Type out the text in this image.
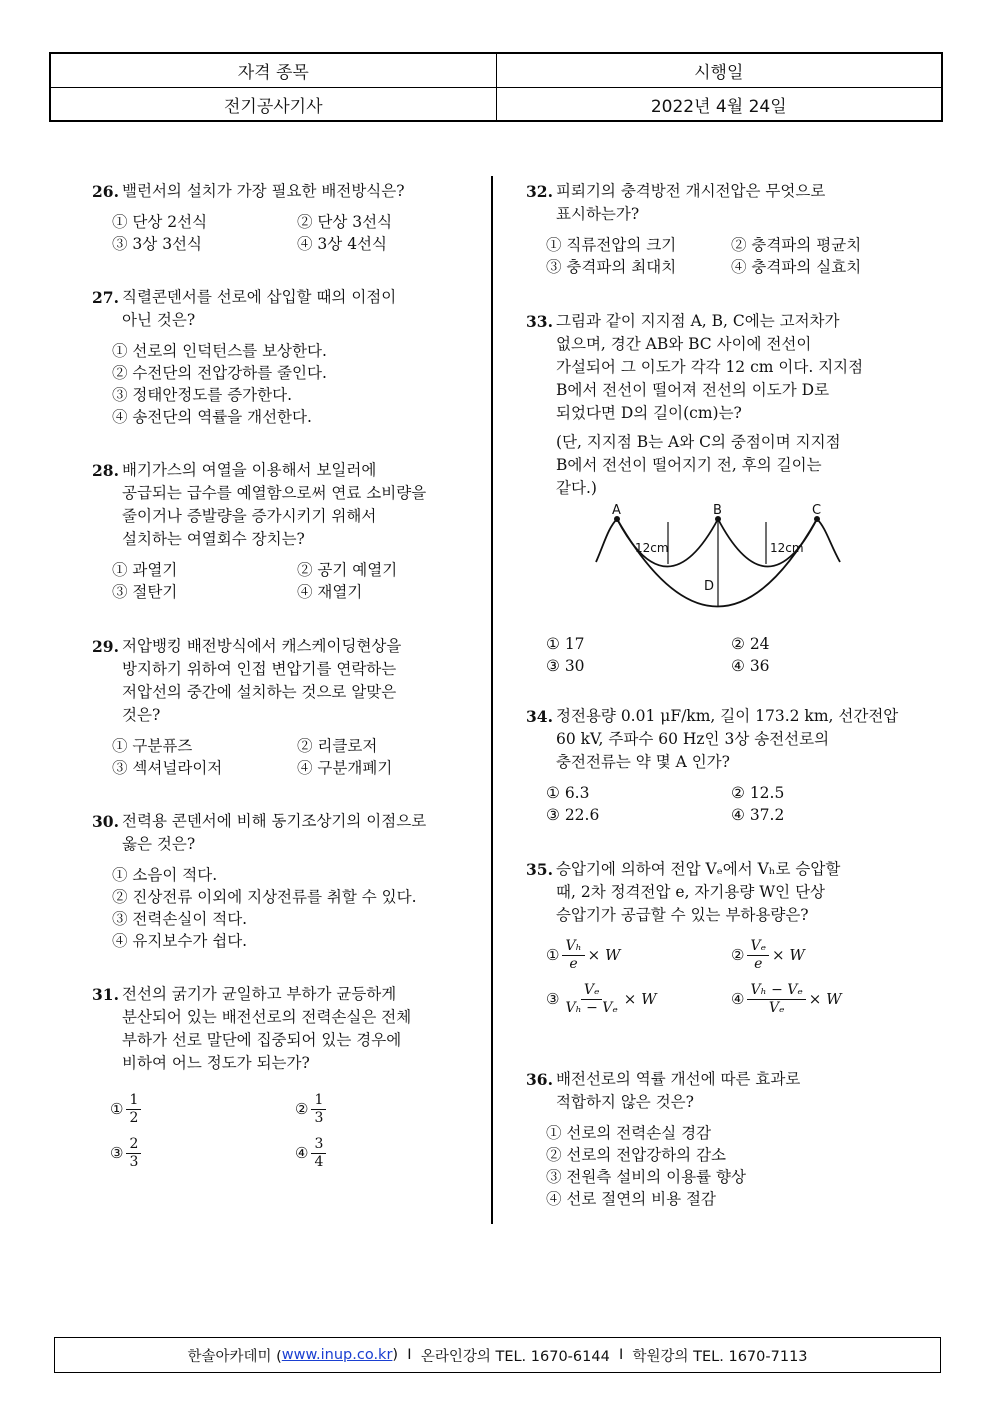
자격 종목	시행일
전기공사기사	2022년 4월 24일
26. 밸런서의 설치가 가장 필요한 배전방식은?
① 단상 2선식	② 단상 3선식
③ 3상 3선식	④ 3상 4선식
27. 직렬콘덴서를 선로에 삽입할 때의 이점이
아닌 것은?
① 선로의 인덕턴스를 보상한다.
② 수전단의 전압강하를 줄인다.
③ 정태안정도를 증가한다.
④ 송전단의 역률을 개선한다.
28. 배기가스의 여열을 이용해서 보일러에
공급되는 급수를 예열함으로써 연료 소비량을
줄이거나 증발량을 증가시키기 위해서
설치하는 여열회수 장치는?
① 과열기	② 공기 예열기
③ 절탄기	④ 재열기
29. 저압뱅킹 배전방식에서 캐스케이딩현상을
방지하기 위하여 인접 변압기를 연락하는
저압선의 중간에 설치하는 것으로 알맞은
것은?
① 구분퓨즈	② 리클로저
③ 섹셔널라이저	④ 구분개폐기
30. 전력용 콘덴서에 비해 동기조상기의 이점으로
옳은 것은?
① 소음이 적다.
② 진상전류 이외에 지상전류를 취할 수 있다.
③ 전력손실이 적다.
④ 유지보수가 쉽다.
31. 전선의 굵기가 균일하고 부하가 균등하게
분산되어 있는 배전선로의 전력손실은 전체
부하가 선로 말단에 집중되어 있는 경우에
비하여 어느 정도가 되는가?
① $\frac{1}{2}$	② $\frac{1}{3}$
③ $\frac{2}{3}$	④ $\frac{3}{4}$
32. 피뢰기의 충격방전 개시전압은 무엇으로
표시하는가?
① 직류전압의 크기	② 충격파의 평균치
③ 충격파의 최대치	④ 충격파의 실효치
33. 그림과 같이 지지점 A, B, C에는 고저차가
없으며, 경간 AB와 BC 사이에 전선이
가설되어 그 이도가 각각 12 cm 이다. 지지점
B에서 전선이 떨어져 전선의 이도가 D로
되었다면 D의 길이(cm)는?
(단, 지지점 B는 A와 C의 중점이며 지지점
B에서 전선이 떨어지기 전, 후의 길이는
같다.)
A	B	C
12cm	12cm
D
① 17	② 24
③ 30	④ 36
34. 정전용량 0.01 μF/km, 길이 173.2 km, 선간전압
60 kV, 주파수 60 Hz인 3상 송전선로의
충전전류는 약 몇 A 인가?
① 6.3	② 12.5
③ 22.6	④ 37.2
35. 승압기에 의하여 전압 Vₑ에서 Vₕ로 승압할
때, 2차 정격전압 e, 자기용량 W인 단상
승압기가 공급할 수 있는 부하용량은?
① $\frac{\text{Vₕ}}{e} \times W$	② $\frac{\text{Vₑ}}{e} \times W$
③ $\frac{\text{Vₑ}}{\text{Vₕ − Vₑ}} \times W$	④ $\frac{\text{Vₕ − Vₑ}}{\text{Vₑ}} \times W$
36. 배전선로의 역률 개선에 따른 효과로
적합하지 않은 것은?
① 선로의 전력손실 경감
② 선로의 전압강하의 감소
③ 전원측 설비의 이용률 향상
④ 선로 절연의 비용 절감
한솔아카데미 ( www.inup.co.kr ) I 온라인강의 TEL. 1670-6144 I 학원강의 TEL. 1670-7113
